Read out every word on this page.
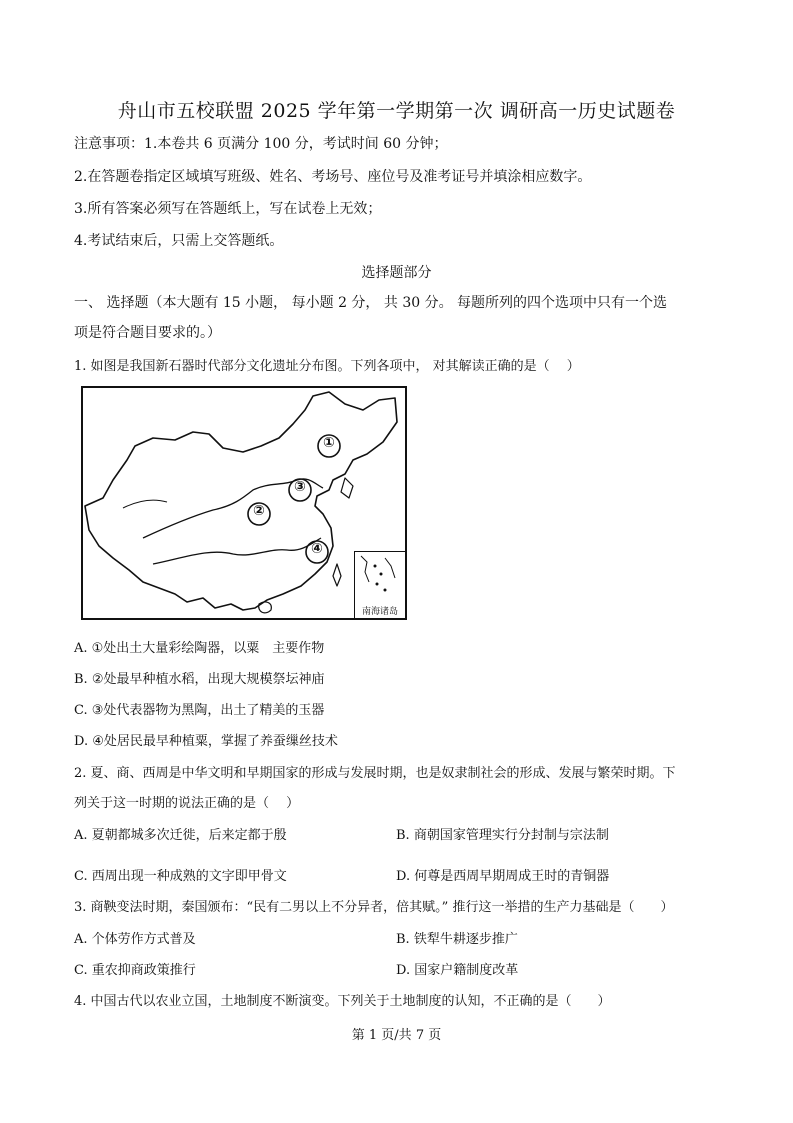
舟山市五校联盟 2025 学年第一学期第一次 调研高一历史试题卷
注意事项：1.本卷共 6 页满分 100 分，考试时间 60 分钟；
2.在答题卷指定区域填写班级、姓名、考场号、座位号及准考证号并填涂相应数字。
3.所有答案必须写在答题纸上，写在试卷上无效；
4.考试结束后，只需上交答题纸。
选择题部分
一、 选择题（本大题有 15 小题， 每小题 2 分， 共 30 分。 每题所列的四个选项中只有一个选
项是符合题目要求的。）
1. 如图是我国新石器时代部分文化遗址分布图。下列各项中， 对其解读正确的是（　 ）
①
②
③
④
南海诸岛
A. ①处出土大量彩绘陶器，以粟　主要作物
B. ②处最早种植水稻，出现大规模祭坛神庙
C. ③处代表器物为黑陶，出土了精美的玉器
D. ④处居民最早种植粟，掌握了养蚕缫丝技术
2. 夏、商、西周是中华文明和早期国家的形成与发展时期，也是奴隶制社会的形成、发展与繁荣时期。下
列关于这一时期的说法正确的是（　 ）
A. 夏朝都城多次迁徙，后来定都于殷	B. 商朝国家管理实行分封制与宗法制
C. 西周出现一种成熟的文字即甲骨文	D. 何尊是西周早期周成王时的青铜器
3. 商鞅变法时期，秦国颁布：“民有二男以上不分异者，倍其赋。” 推行这一举措的生产力基础是（　　）
A. 个体劳作方式普及	B. 铁犁牛耕逐步推广
C. 重农抑商政策推行	D. 国家户籍制度改革
4. 中国古代以农业立国，土地制度不断演变。下列关于土地制度的认知，不正确的是（　　）
第 1 页/共 7 页
